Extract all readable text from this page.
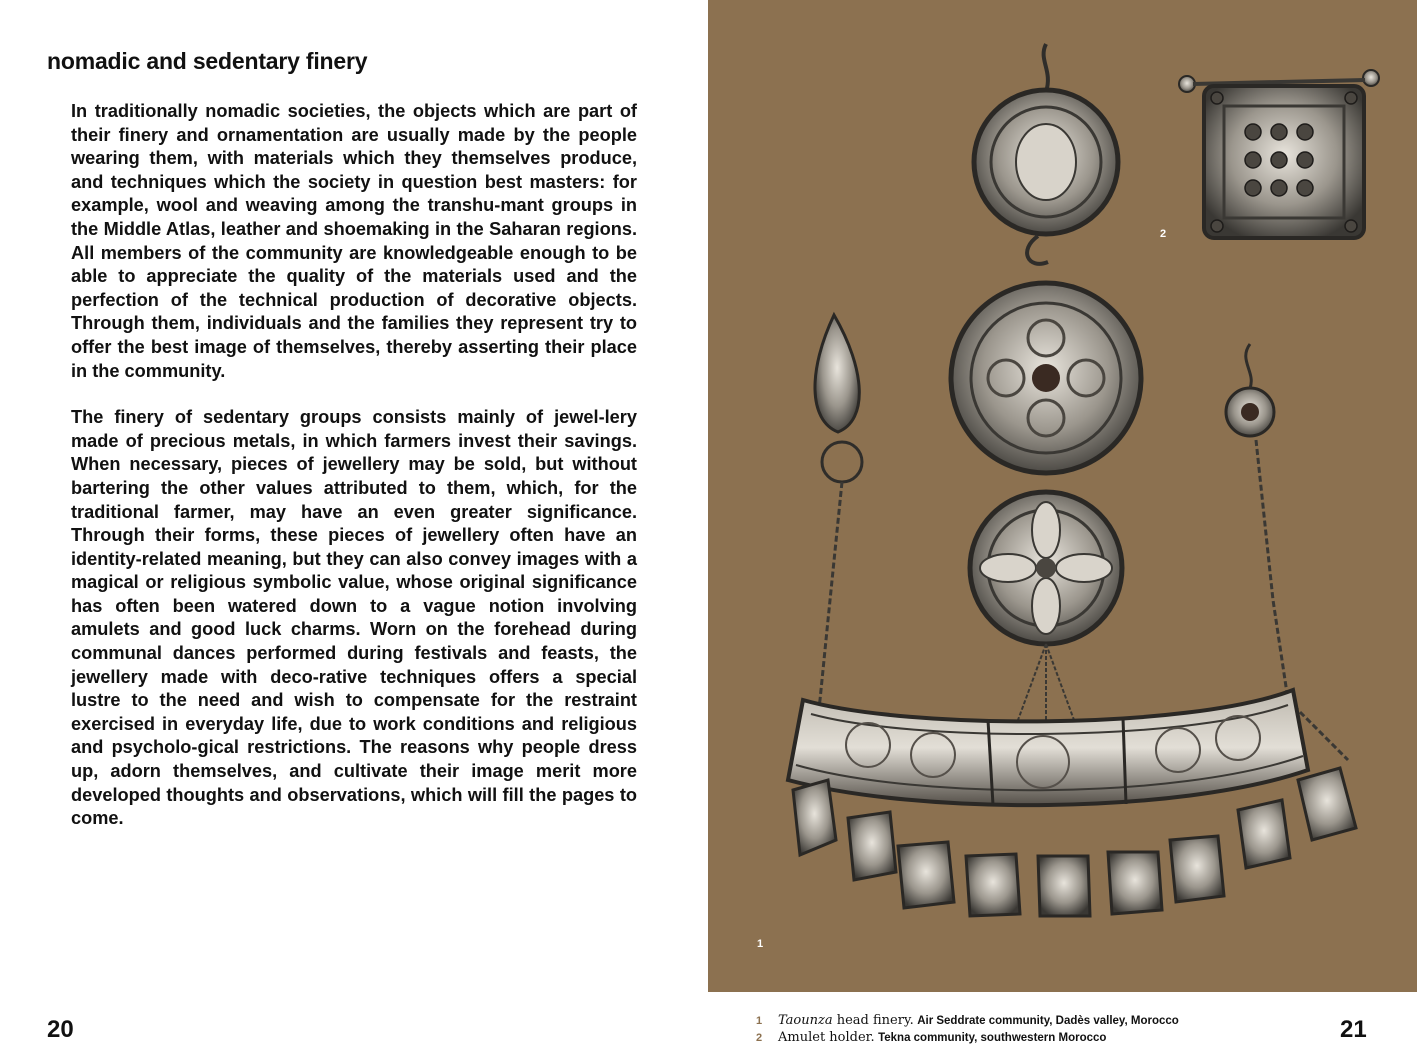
nomadic and sedentary finery

In traditionally nomadic societies, the objects which are part of their finery and ornamentation are usually made by the people wearing them, with materials which they themselves produce, and techniques which the society in question best masters: for example, wool and weaving among the transhu-mant groups in the Middle Atlas, leather and shoemaking in the Saharan regions. All members of the community are knowledgeable enough to be able to appreciate the quality of the materials used and the perfection of the technical production of decorative objects. Through them, individuals and the families they represent try to offer the best image of themselves, thereby asserting their place in the community.

The finery of sedentary groups consists mainly of jewel-lery made of precious metals, in which farmers invest their savings. When necessary, pieces of jewellery may be sold, but without bartering the other values attributed to them, which, for the traditional farmer, may have an even greater significance. Through their forms, these pieces of jewellery often have an identity-related meaning, but they can also convey images with a magical or religious symbolic value, whose original significance has often been watered down to a vague notion involving amulets and good luck charms. Worn on the forehead during communal dances performed during festivals and feasts, the jewellery made with deco-rative techniques offers a special lustre to the need and wish to compensate for the restraint exercised in everyday life, due to work conditions and religious and psycholo-gical restrictions. The reasons why people dress up, adorn themselves, and cultivate their image merit more developed thoughts and observations, which will fill the pages to come.

20
2
1
1 Taounza head finery. Air Seddrate community, Dadès valley, Morocco
2 Amulet holder. Tekna community, southwestern Morocco	21
